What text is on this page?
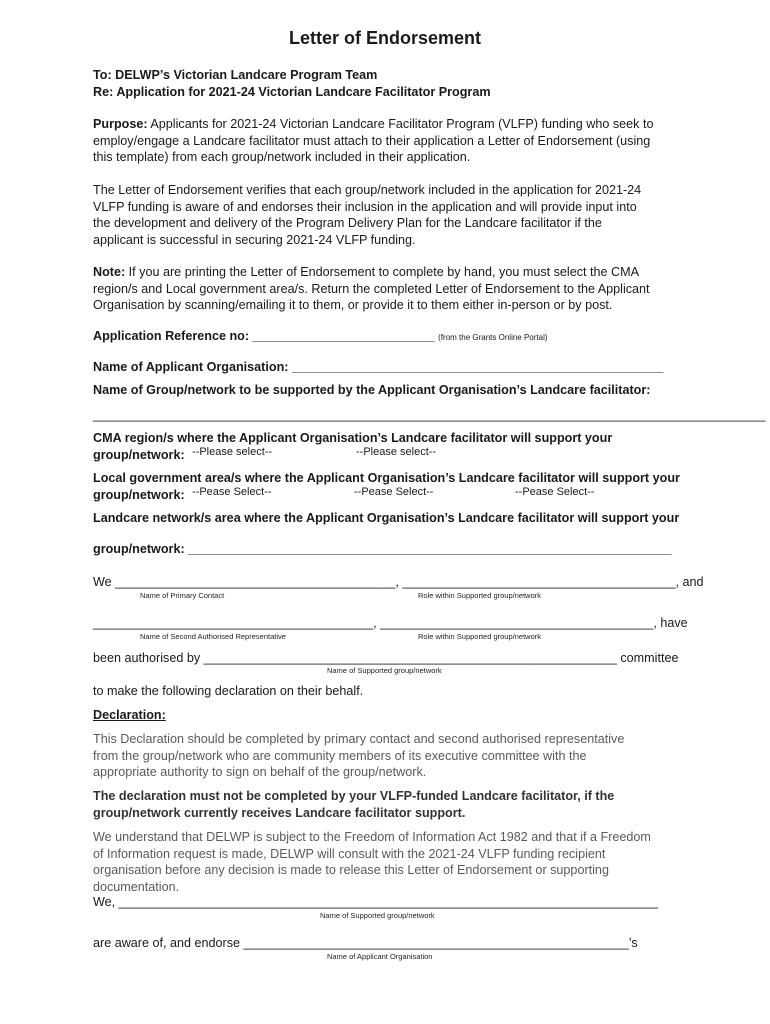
Letter of Endorsement
To: DELWP’s Victorian Landcare Program Team
Re: Application for 2021-24 Victorian Landcare Facilitator Program
Purpose: Applicants for 2021-24 Victorian Landcare Facilitator Program (VLFP) funding who seek to
employ/engage a Landcare facilitator must attach to their application a Letter of Endorsement (using
this template) from each group/network included in their application.
The Letter of Endorsement verifies that each group/network included in the application for 2021-24
VLFP funding is aware of and endorses their inclusion in the application and will provide input into
the development and delivery of the Program Delivery Plan for the Landcare facilitator if the
applicant is successful in securing 2021-24 VLFP funding.
Note: If you are printing the Letter of Endorsement to complete by hand, you must select the CMA
region/s and Local government area/s. Return the completed Letter of Endorsement to the Applicant
Organisation by scanning/emailing it to them, or provide it to them either in-person or by post.
Application Reference no: __________________________ (from the Grants Online Portal)
Name of Applicant Organisation: _____________________________________________________
Name of Group/network to be supported by the Applicant Organisation’s Landcare facilitator:
________________________________________________________________________________________________
CMA region/s where the Applicant Organisation’s Landcare facilitator will support your
group/network: --Please select--	--Please select--
Local government area/s where the Applicant Organisation’s Landcare facilitator will support your
group/network: --Pease Select--	--Pease Select--	--Pease Select--
Landcare network/s area where the Applicant Organisation’s Landcare facilitator will support your
group/network: _____________________________________________________________________
We ________________________________________, _______________________________________, and
Name of Primary Contact	Role within Supported group/network
________________________________________, _______________________________________, have
Name of Second Authorised Representative	Role within Supported group/network
been authorised by ___________________________________________________________ committee
Name of Supported group/network
to make the following declaration on their behalf.
Declaration:
This Declaration should be completed by primary contact and second authorised representative
from the group/network who are community members of its executive committee with the
appropriate authority to sign on behalf of the group/network.
The declaration must not be completed by your VLFP-funded Landcare facilitator, if the
group/network currently receives Landcare facilitator support.
We understand that DELWP is subject to the Freedom of Information Act 1982 and that if a Freedom
of Information request is made, DELWP will consult with the 2021-24 VLFP funding recipient
organisation before any decision is made to release this Letter of Endorsement or supporting
documentation.
We, _____________________________________________________________________________
Name of Supported group/network
are aware of, and endorse _______________________________________________________’s
Name of Applicant Organisation
